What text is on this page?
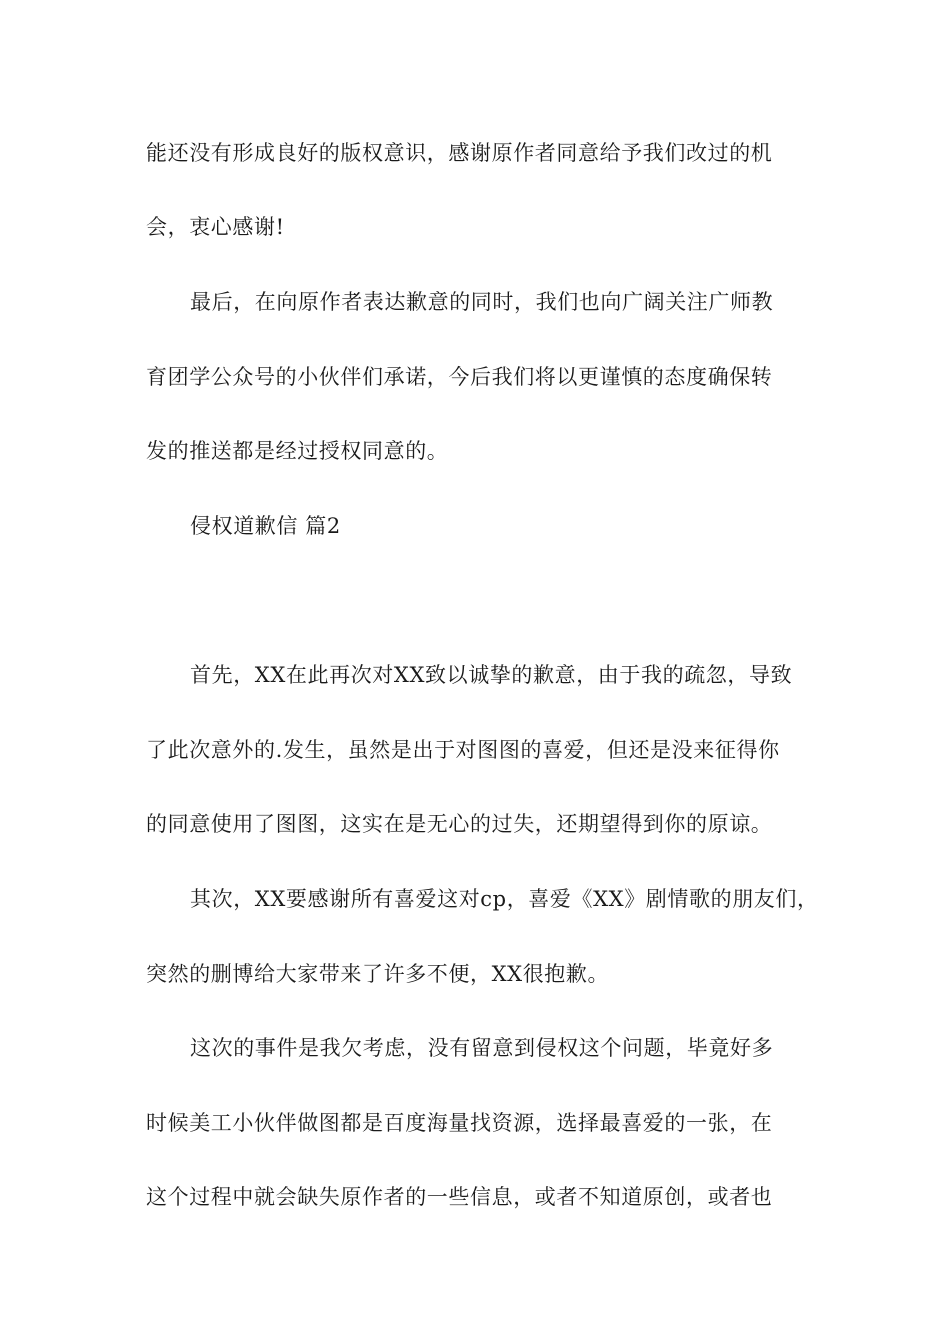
能还没有形成良好的版权意识，感谢原作者同意给予我们改过的机
会，衷心感谢!
最后，在向原作者表达歉意的同时，我们也向广阔关注广师教
育团学公众号的小伙伴们承诺，今后我们将以更谨慎的态度确保转
发的推送都是经过授权同意的。
侵权道歉信 篇2
首先，XX在此再次对XX致以诚挚的歉意，由于我的疏忽，导致
了此次意外的.发生，虽然是出于对图图的喜爱，但还是没来征得你
的同意使用了图图，这实在是无心的过失，还期望得到你的原谅。
其次，XX要感谢所有喜爱这对cp，喜爱《XX》剧情歌的朋友们，
突然的删博给大家带来了许多不便，XX很抱歉。
这次的事件是我欠考虑，没有留意到侵权这个问题，毕竟好多
时候美工小伙伴做图都是百度海量找资源，选择最喜爱的一张，在
这个过程中就会缺失原作者的一些信息，或者不知道原创，或者也
